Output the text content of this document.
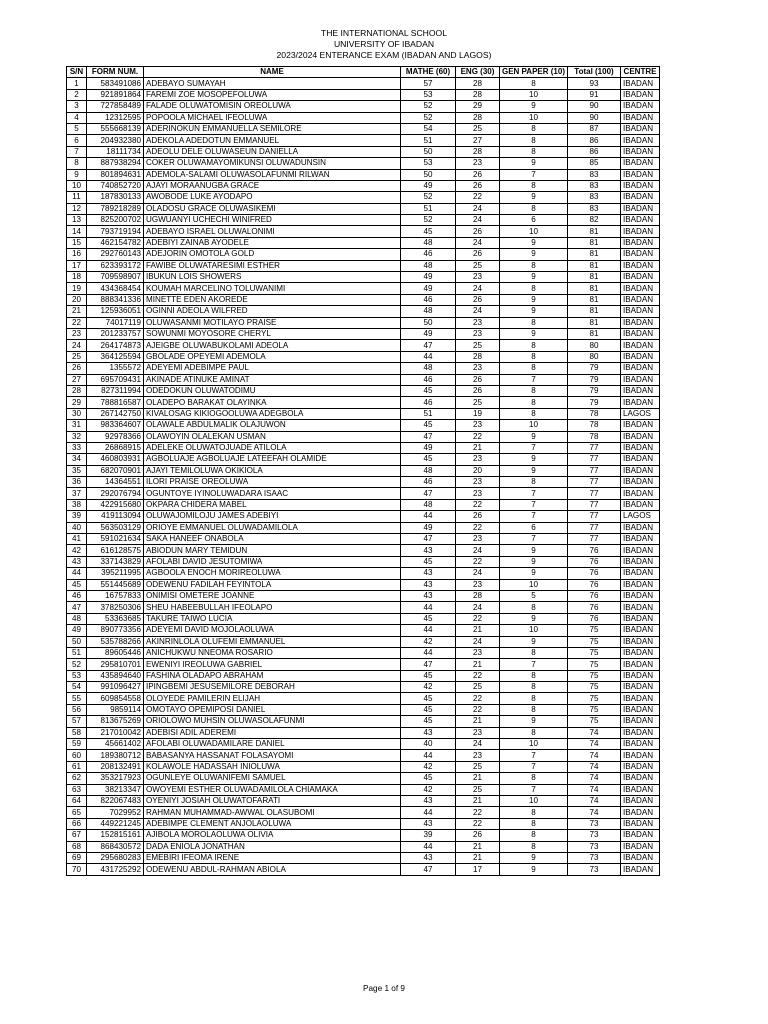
THE INTERNATIONAL SCHOOL
UNIVERSITY OF IBADAN
2023/2024 ENTERANCE EXAM (IBADAN AND LAGOS)
S/N	FORM NUM.	NAME	MATHE (60)	ENG (30)	GEN PAPER (10)	Total (100)	CENTRE
1	583491086	ADEBAYO SUMAYAH	57	28	8	93	IBADAN
2	921891864	FAREMI ZOE MOSOPEFOLUWA	53	28	10	91	IBADAN
3	727858489	FALADE OLUWATOMISIN OREOLUWA	52	29	9	90	IBADAN
4	12312595	POPOOLA MICHAEL IFEOLUWA	52	28	10	90	IBADAN
5	555668139	ADERINOKUN EMMANUELLA SEMILORE	54	25	8	87	IBADAN
6	204932380	ADEKOLA ADEDOTUN EMMANUEL	51	27	8	86	IBADAN
7	18111734	ADEOLU DELE OLUWASEUN DANIELLA	50	28	8	86	IBADAN
8	887938294	COKER OLUWAMAYOMIKUNSI OLUWADUNSIN	53	23	9	85	IBADAN
9	801894631	ADEMOLA-SALAMI OLUWASOLAFUNMI RILWAN	50	26	7	83	IBADAN
10	740852720	AJAYI MORAANUGBA GRACE	49	26	8	83	IBADAN
11	187830133	AWOBODE LUKE AYODAPO	52	22	9	83	IBADAN
12	789218289	OLADOSU GRACE OLUWASIKEMI	51	24	8	83	IBADAN
13	825200702	UGWUANYI UCHECHI WINIFRED	52	24	6	82	IBADAN
14	793719194	ADEBAYO ISRAEL OLUWALONIMI	45	26	10	81	IBADAN
15	462154782	ADEBIYI ZAINAB AYODELE	48	24	9	81	IBADAN
16	292760143	ADEJORIN OMOTOLA GOLD	46	26	9	81	IBADAN
17	623393172	FAWIBE OLUWATARESIMI ESTHER	48	25	8	81	IBADAN
18	709598907	IBUKUN LOIS SHOWERS	49	23	9	81	IBADAN
19	434368454	KOUMAH MARCELINO TOLUWANIMI	49	24	8	81	IBADAN
20	888341336	MINETTE EDEN AKOREDE	46	26	9	81	IBADAN
21	125936051	OGINNI ADEOLA WILFRED	48	24	9	81	IBADAN
22	74017119	OLUWASANMI MOTILAYO PRAISE	50	23	8	81	IBADAN
23	201233757	SOWUNMI MOYOSORE CHERYL	49	23	9	81	IBADAN
24	264174873	AJEIGBE OLUWABUKOLAMI ADEOLA	47	25	8	80	IBADAN
25	364125594	GBOLADE OPEYEMI ADEMOLA	44	28	8	80	IBADAN
26	1355572	ADEYEMI ADEBIMPE PAUL	48	23	8	79	IBADAN
27	695709431	AKINADE ATINUKE AMINAT	46	26	7	79	IBADAN
28	827311994	ODEDOKUN OLUWATODIMU	45	26	8	79	IBADAN
29	788816587	OLADEPO BARAKAT OLAYINKA	46	25	8	79	IBADAN
30	267142750	KIVALOSAG KIKIOGOOLUWA ADEGBOLA	51	19	8	78	LAGOS
31	983364607	OLAWALE ABDULMALIK OLAJUWON	45	23	10	78	IBADAN
32	92978366	OLAWOYIN OLALEKAN USMAN	47	22	9	78	IBADAN
33	26868915	ADELEKE OLUWATOJUADE ATILOLA	49	21	7	77	IBADAN
34	460803931	AGBOLUAJE AGBOLUAJE LATEEFAH OLAMIDE	45	23	9	77	IBADAN
35	682070901	AJAYI TEMILOLUWA OKIKIOLA	48	20	9	77	IBADAN
36	14364551	ILORI PRAISE OREOLUWA	46	23	8	77	IBADAN
37	292076794	OGUNTOYE IYINOLUWADARA ISAAC	47	23	7	77	IBADAN
38	422915680	OKPARA CHIDERA MABEL	48	22	7	77	IBADAN
39	419113094	OLUWAJOMILOJU JAMES ADEBIYI	44	26	7	77	LAGOS
40	563503129	ORIOYE EMMANUEL OLUWADAMILOLA	49	22	6	77	IBADAN
41	591021634	SAKA HANEEF ONABOLA	47	23	7	77	IBADAN
42	616128575	ABIODUN MARY TEMIDUN	43	24	9	76	IBADAN
43	337143829	AFOLABI DAVID JESUTOMIWA	45	22	9	76	IBADAN
44	395211995	AGBOOLA ENOCH MORIREOLUWA	43	24	9	76	IBADAN
45	551445689	ODEWENU FADILAH FEYINTOLA	43	23	10	76	IBADAN
46	16757833	ONIMISI OMETERE JOANNE	43	28	5	76	IBADAN
47	378250306	SHEU HABEEBULLAH IFEOLAPO	44	24	8	76	IBADAN
48	53363685	TAKURE TAIWO LUCIA	45	22	9	76	IBADAN
49	890773356	ADEYEMI DAVID MOJOLAOLUWA	44	21	10	75	IBADAN
50	535788266	AKINRINLOLA OLUFEMI EMMANUEL	42	24	9	75	IBADAN
51	89605446	ANICHUKWU NNEOMA ROSARIO	44	23	8	75	IBADAN
52	295810701	EWENIYI IREOLUWA GABRIEL	47	21	7	75	IBADAN
53	435894640	FASHINA OLADAPO ABRAHAM	45	22	8	75	IBADAN
54	991096427	IPINGBEMI JESUSEMILORE DEBORAH	42	25	8	75	IBADAN
55	609854558	OLOYEDE PAMILERIN ELIJAH	45	22	8	75	IBADAN
56	9859114	OMOTAYO OPEMIPOSI DANIEL	45	22	8	75	IBADAN
57	813675269	ORIOLOWO MUHSIN OLUWASOLAFUNMI	45	21	9	75	IBADAN
58	217010042	ADEBISI ADIL ADEREMI	43	23	8	74	IBADAN
59	45661402	AFOLABI OLUWADAMILARE DANIEL	40	24	10	74	IBADAN
60	189380712	BABASANYA HASSANAT FOLASAYOMI	44	23	7	74	IBADAN
61	208132491	KOLAWOLE HADASSAH INIOLUWA	42	25	7	74	IBADAN
62	353217923	OGUNLEYE OLUWANIFEMI SAMUEL	45	21	8	74	IBADAN
63	38213347	OWOYEMI ESTHER OLUWADAMILOLA CHIAMAKA	42	25	7	74	IBADAN
64	822067483	OYENIYI JOSIAH OLUWATOFARATI	43	21	10	74	IBADAN
65	7029952	RAHMAN MUHAMMAD-AWWAL OLASUBOMI	44	22	8	74	IBADAN
66	449221245	ADEBIMPE CLEMENT ANJOLAOLUWA	43	22	8	73	IBADAN
67	152815161	AJIBOLA MOROLAOLUWA OLIVIA	39	26	8	73	IBADAN
68	868430572	DADA ENIOLA JONATHAN	44	21	8	73	IBADAN
69	295680283	EMEBIRI IFEOMA IRENE	43	21	9	73	IBADAN
70	431725292	ODEWENU ABDUL-RAHMAN ABIOLA	47	17	9	73	IBADAN
Page 1 of 9
